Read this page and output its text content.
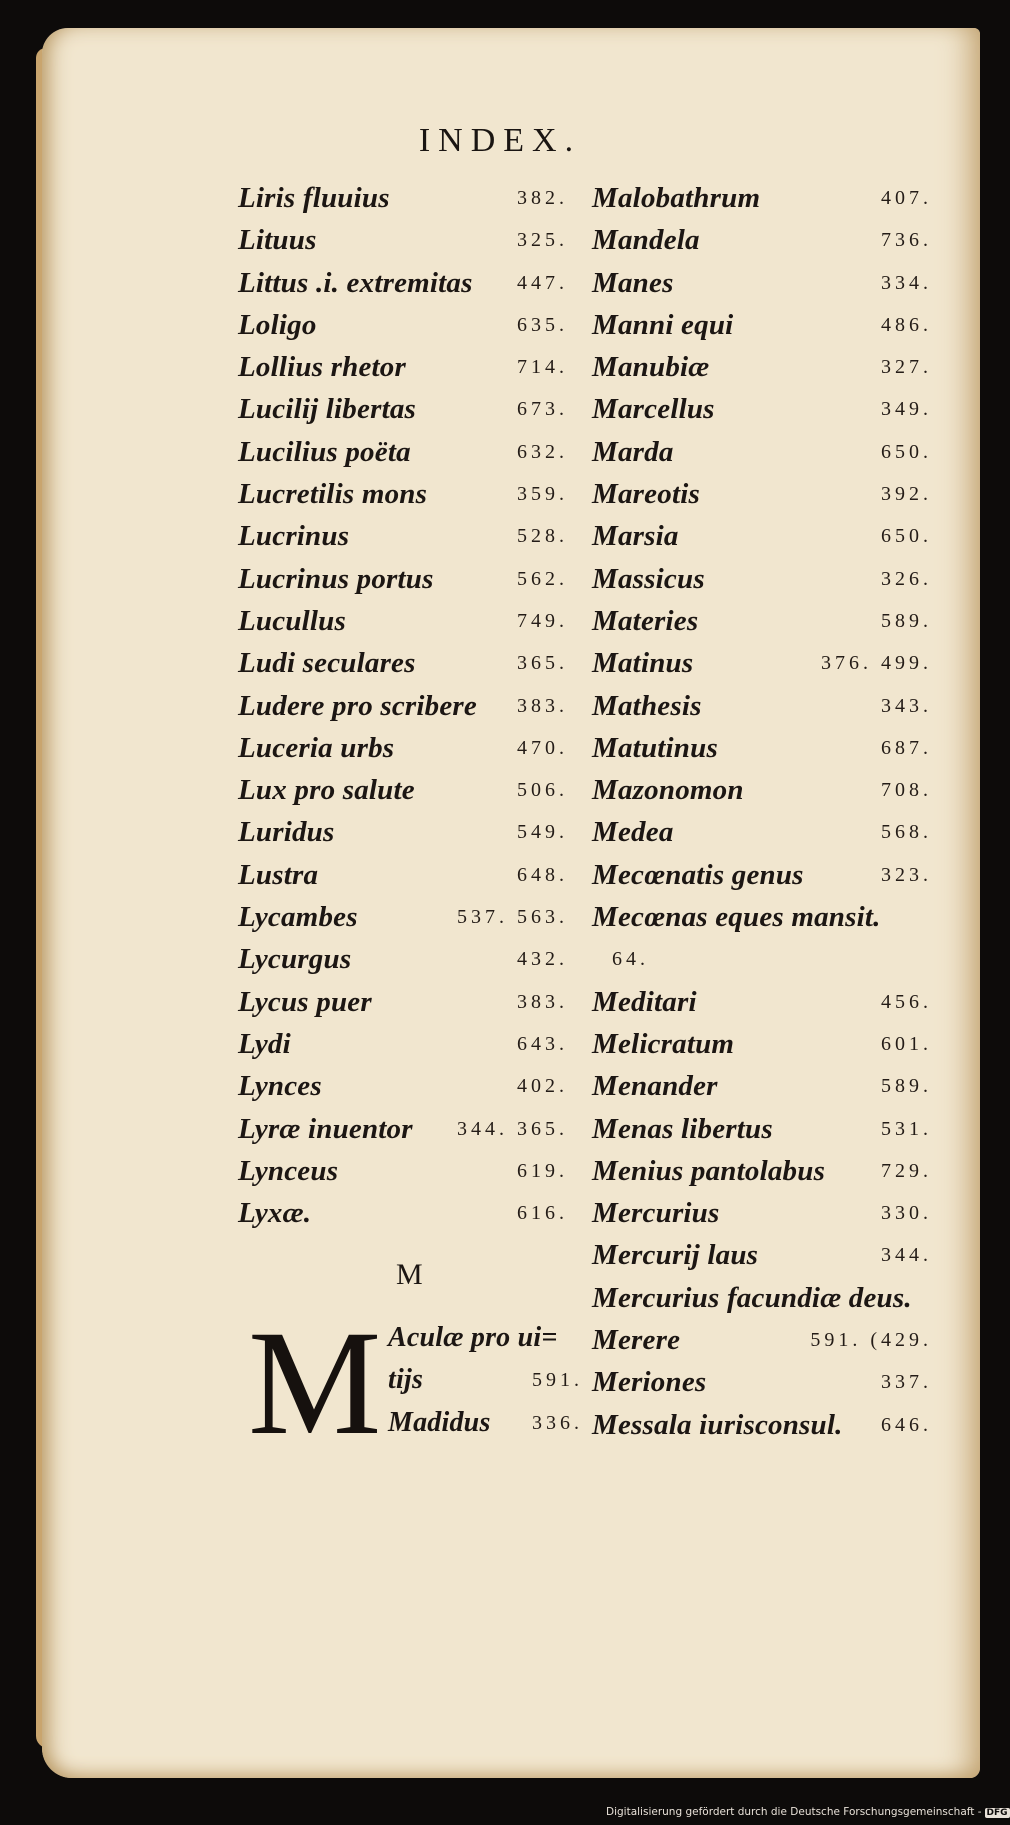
INDEX.
Liris fluuius	382.
Lituus	325.
Littus .i. extremitas 447.
Loligo	635.
Lollius rhetor	714.
Lucilij libertas	673.
Lucilius poëta	632.
Lucretilis mons	359.
Lucrinus	528.
Lucrinus portus	562.
Lucullus	749.
Ludi seculares	365.
Ludere pro scribere 383.
Luceria urbs	470.
Lux pro salute	506.
Luridus	549.
Lustra	648.
Lycambes	537. 563.
Lycurgus	432.
Lycus puer	383.
Lydi	643.
Lynces	402.
Lyræ inuentor 344. 365.
Lynceus	619.
Lyxæ.	616.
Malobathrum	407.
Mandela	736.
Manes	334.
Manni equi	486.
Manubiæ	327.
Marcellus	349.
Marda	650.
Mareotis	392.
Marsia	650.
Massicus	326.
Materies	589.
Matinus	376. 499.
Mathesis	343.
Matutinus	687.
Mazonomon	708.
Medea	568.
Mecœnatis genus	323.
Mecœnas eques mansit.
64.
Meditari	456.
Melicratum	601.
Menander	589.
Menas libertus	531.
Menius pantolabus	729.
Mercurius	330.
Mercurij laus	344.
Mercurius facundiæ deus.
Merere	591. (429.
Meriones	337.
Messala iurisconsul. 646.
M
M Aculæ pro ui=
tijs	591.
Madidus 336.
Digitalisierung gefördert durch die Deutsche Forschungsgemeinschaft - DFG
